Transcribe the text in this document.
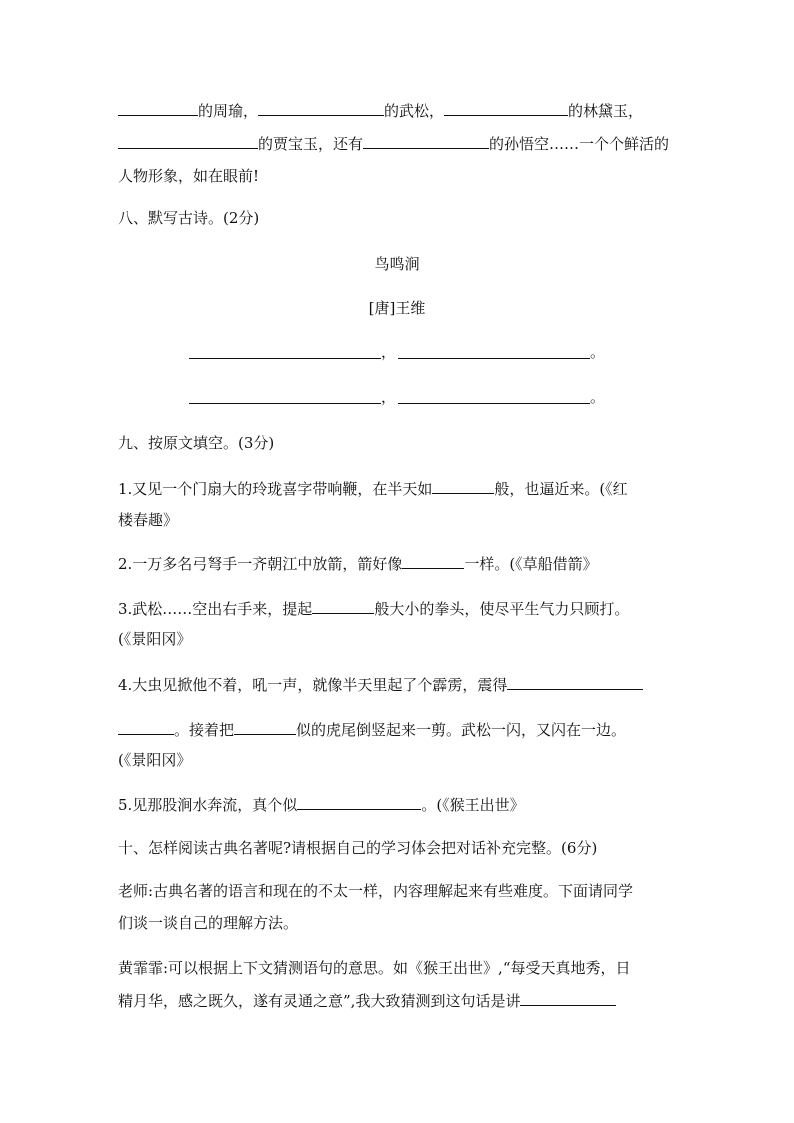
的周瑜，	的武松，	的林黛玉，
的贾宝玉，还有	的孙悟空……一个个鲜活的
人物形象，如在眼前!
八、默写古诗。(2分)
鸟鸣涧
[唐]王维
，	。
，	。
九、按原文填空。(3分)
1.又见一个门扇大的玲珑喜字带响鞭，在半天如	般，也逼近来。(《红
楼春趣》
2.一万多名弓弩手一齐朝江中放箭，箭好像	一样。(《草船借箭》
3.武松……空出右手来，提起	般大小的拳头，使尽平生气力只顾打。
(《景阳冈》
4.大虫见掀他不着，吼一声，就像半天里起了个霹雳，震得
。接着把	似的虎尾倒竖起来一剪。武松一闪，又闪在一边。
(《景阳冈》
5.见那股涧水奔流，真个似	。(《猴王出世》
十、怎样阅读古典名著呢?请根据自己的学习体会把对话补充完整。(6分)
老师:古典名著的语言和现在的不太一样，内容理解起来有些难度。下面请同学
们谈一谈自己的理解方法。
黄霏霏:可以根据上下文猜测语句的意思。如《猴王出世》,“每受天真地秀，日
精月华，感之既久，遂有灵通之意”,我大致猜测到这句话是讲
